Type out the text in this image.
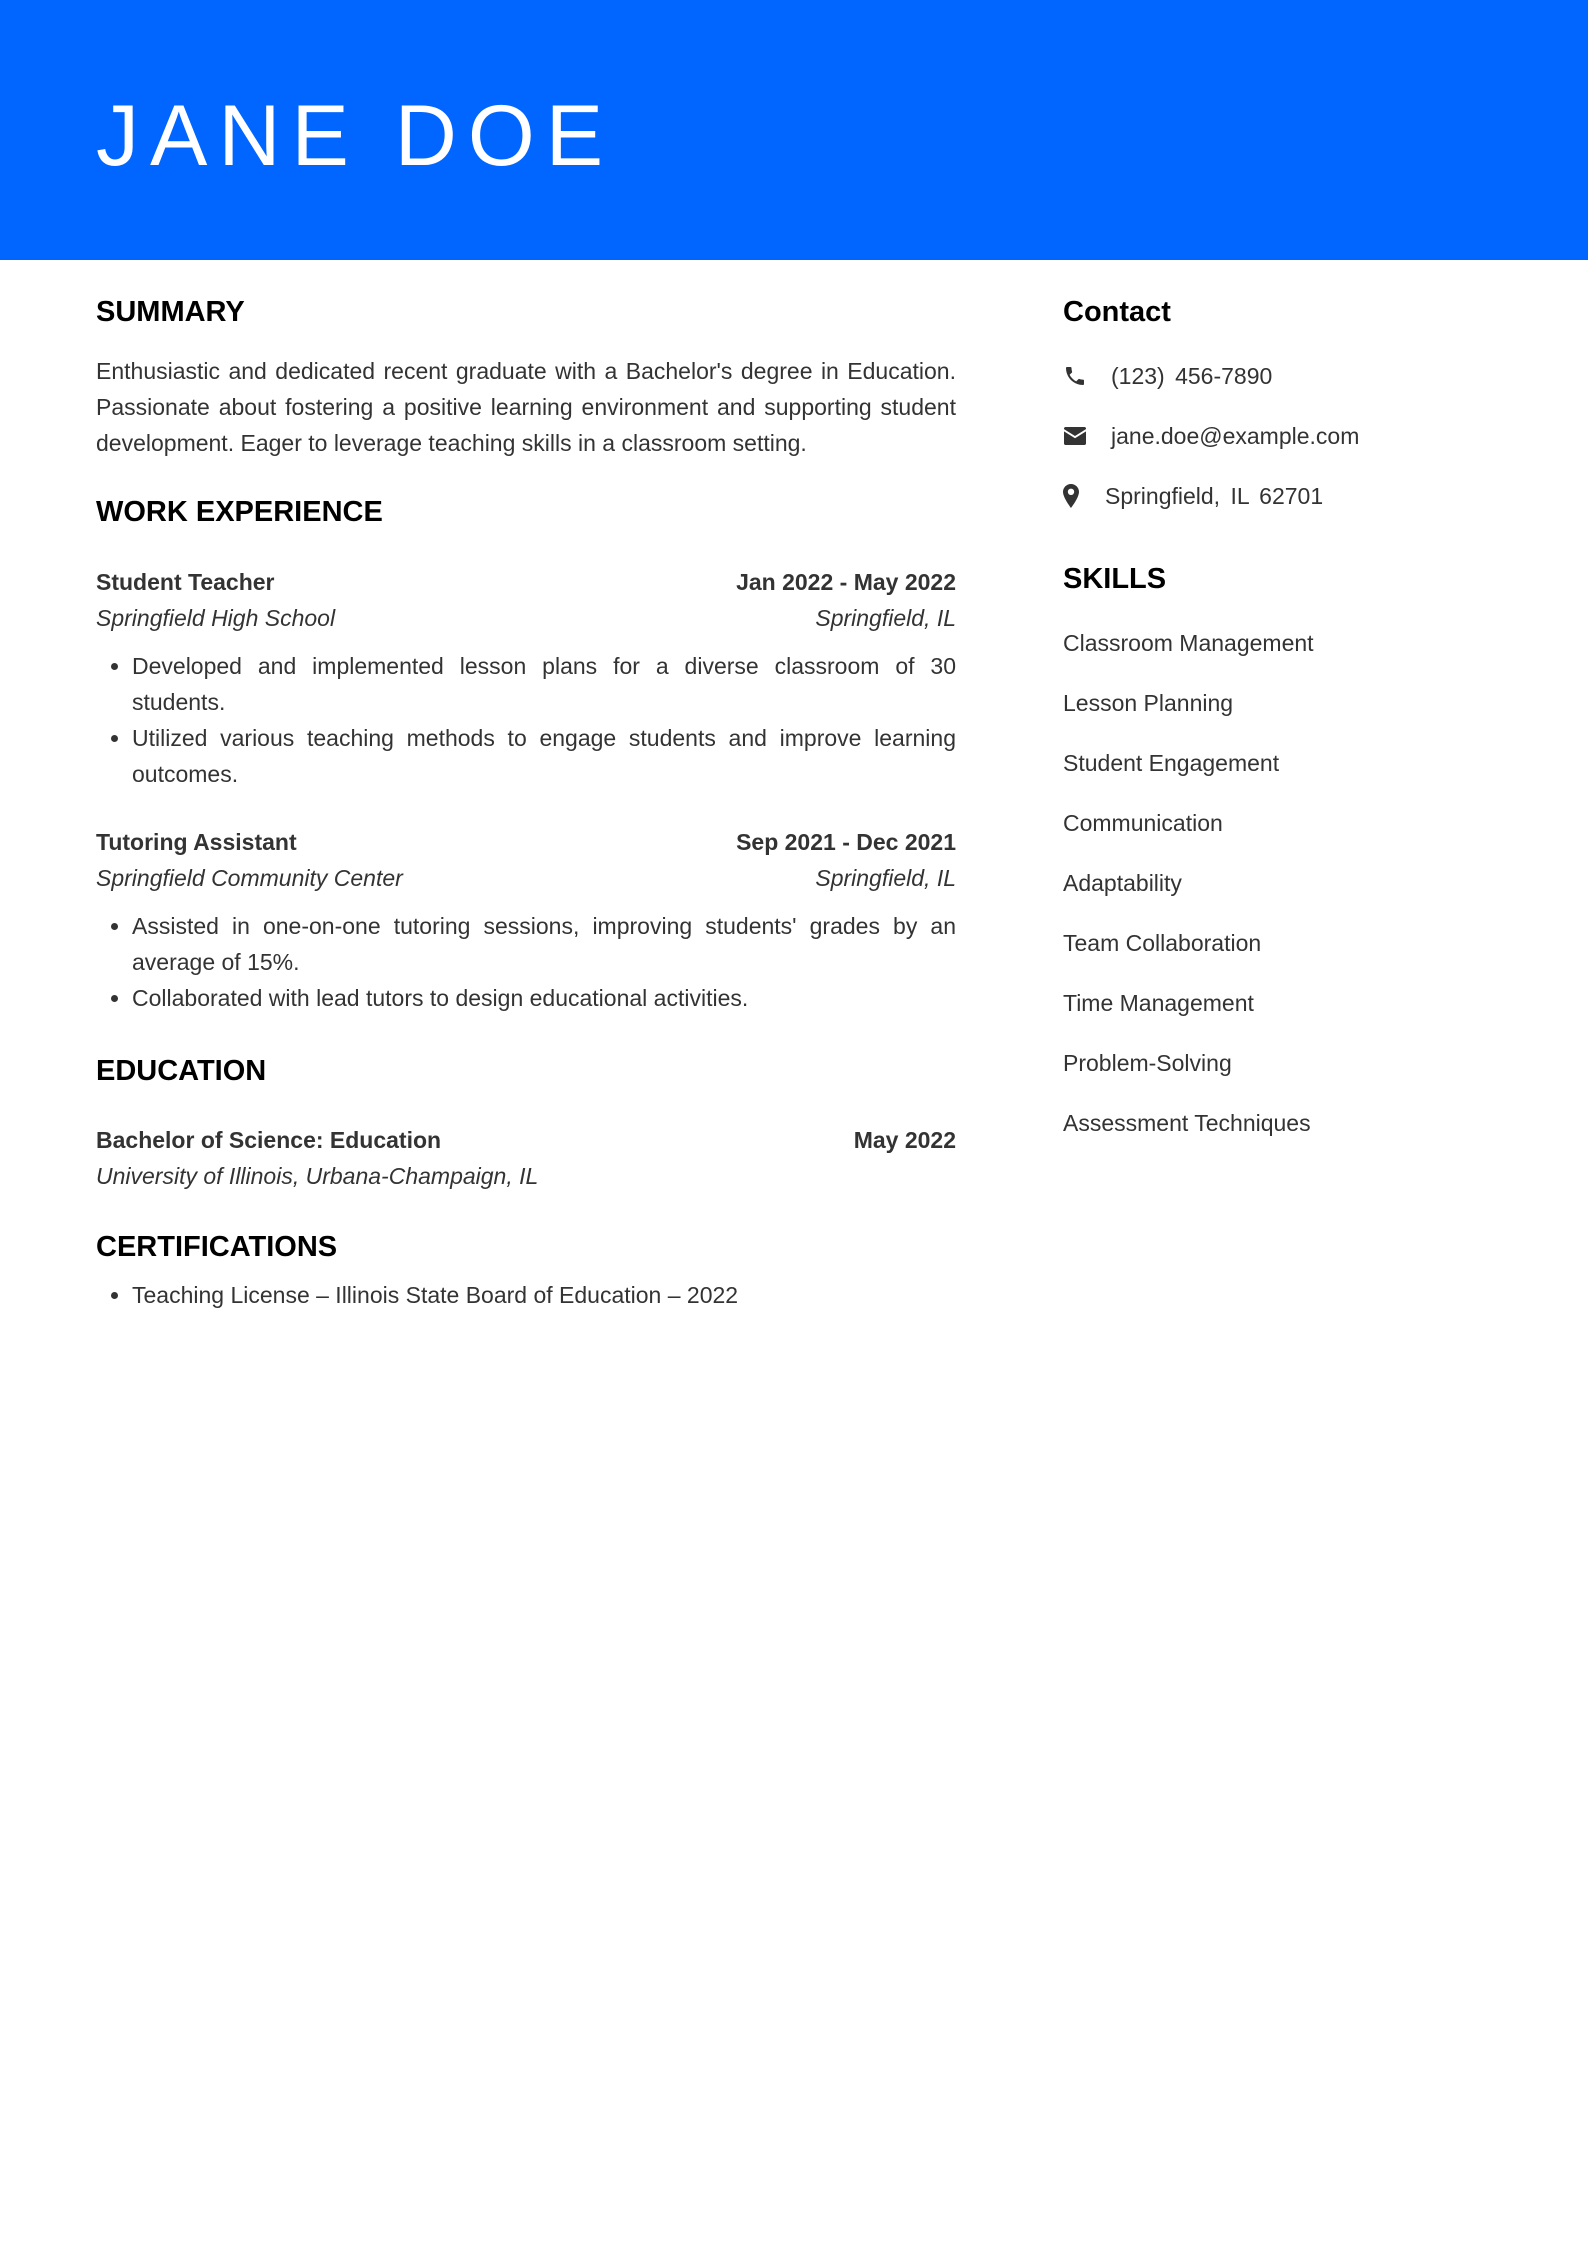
JANE DOE
SUMMARY

Enthusiastic and dedicated recent graduate with a Bachelor's degree in Education. Passionate about fostering a positive learning environment and supporting student development. Eager to leverage teaching skills in a classroom setting.

WORK EXPERIENCE
Student Teacher	Jan 2022 - May 2022
Springfield High School	Springfield, IL
• Developed and implemented lesson plans for a diverse classroom of 30 students.
• Utilized various teaching methods to engage students and improve learning outcomes.
Tutoring Assistant	Sep 2021 - Dec 2021
Springfield Community Center	Springfield, IL
• Assisted in one-on-one tutoring sessions, improving students' grades by an average of 15%.
• Collaborated with lead tutors to design educational activities.
EDUCATION
Bachelor of Science: Education	May 2022
University of Illinois, Urbana-Champaign, IL
CERTIFICATIONS
• Teaching License – Illinois State Board of Education – 2022
Contact
(123) 456-7890
jane.doe@example.com
Springfield, IL 62701
SKILLS
Classroom Management
Lesson Planning
Student Engagement
Communication
Adaptability
Team Collaboration
Time Management
Problem-Solving
Assessment Techniques
